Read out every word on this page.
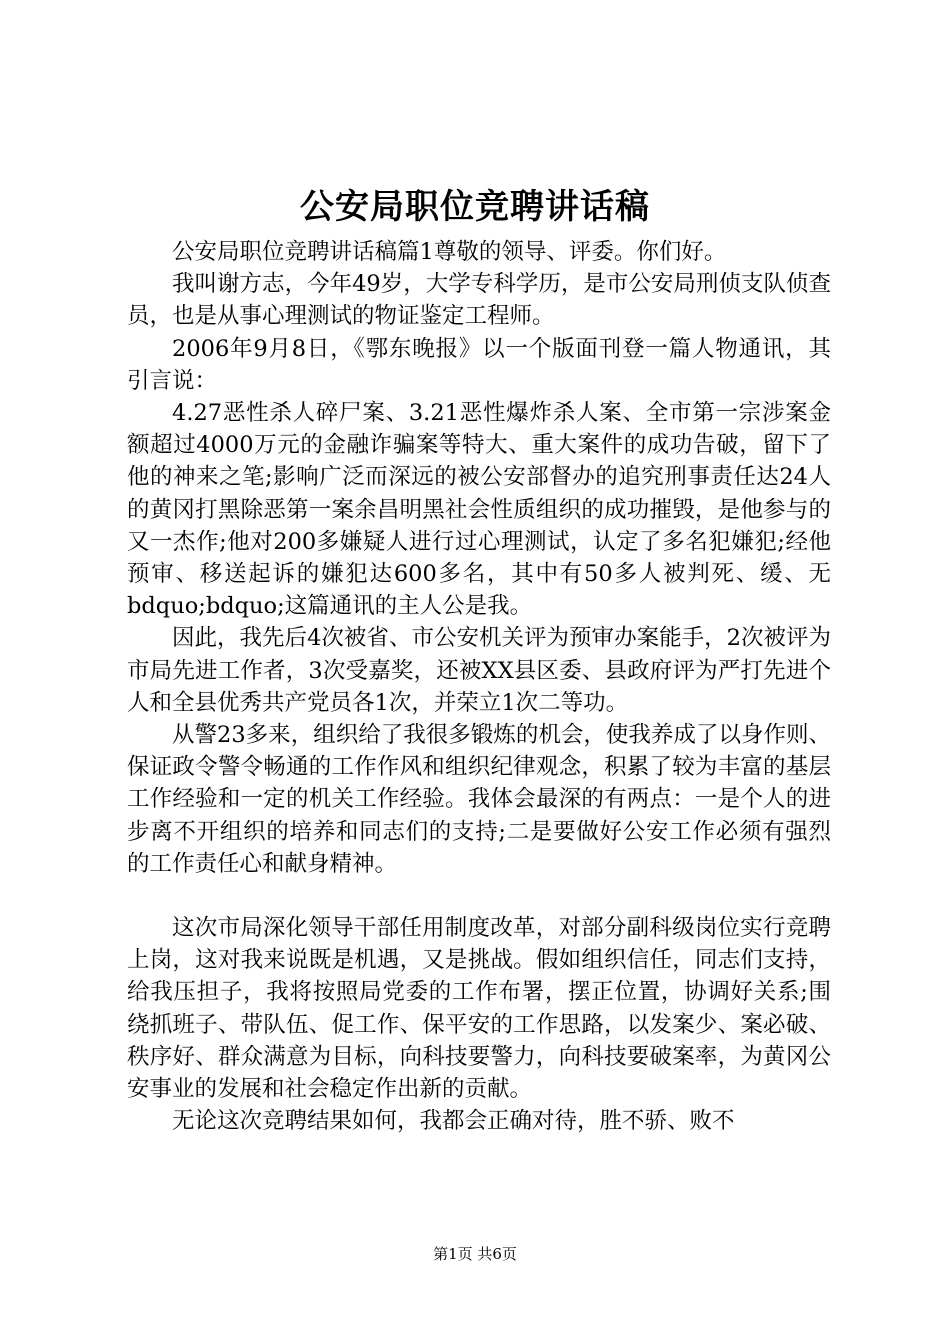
公安局职位竞聘讲话稿

公安局职位竞聘讲话稿篇1尊敬的领导、评委。你们好。

我叫谢方志，今年49岁，大学专科学历，是市公安局刑侦支队侦查员，也是从事心理测试的物证鉴定工程师。

2006年9月8日，《鄂东晚报》以一个版面刊登一篇人物通讯，其引言说：

4.27恶性杀人碎尸案、3.21恶性爆炸杀人案、全市第一宗涉案金额超过4000万元的金融诈骗案等特大、重大案件的成功告破，留下了他的神来之笔;影响广泛而深远的被公安部督办的追究刑事责任达24人的黄冈打黑除恶第一案余昌明黑社会性质组织的成功摧毁，是他参与的又一杰作;他对200多嫌疑人进行过心理测试，认定了多名犯嫌犯;经他预审、移送起诉的嫌犯达600多名，其中有50多人被判死、缓、无bdquo;bdquo;这篇通讯的主人公是我。

因此，我先后4次被省、市公安机关评为预审办案能手，2次被评为市局先进工作者，3次受嘉奖，还被XX县区委、县政府评为严打先进个人和全县优秀共产党员各1次，并荣立1次二等功。

从警23多来，组织给了我很多锻炼的机会，使我养成了以身作则、保证政令警令畅通的工作作风和组织纪律观念，积累了较为丰富的基层工作经验和一定的机关工作经验。我体会最深的有两点：一是个人的进步离不开组织的培养和同志们的支持;二是要做好公安工作必须有强烈的工作责任心和献身精神。

这次市局深化领导干部任用制度改革，对部分副科级岗位实行竞聘上岗，这对我来说既是机遇，又是挑战。假如组织信任，同志们支持，给我压担子，我将按照局党委的工作布署，摆正位置，协调好关系;围绕抓班子、带队伍、促工作、保平安的工作思路，以发案少、案必破、秩序好、群众满意为目标，向科技要警力，向科技要破案率，为黄冈公安事业的发展和社会稳定作出新的贡献。

无论这次竞聘结果如何，我都会正确对待，胜不骄、败不

第1页 共6页
